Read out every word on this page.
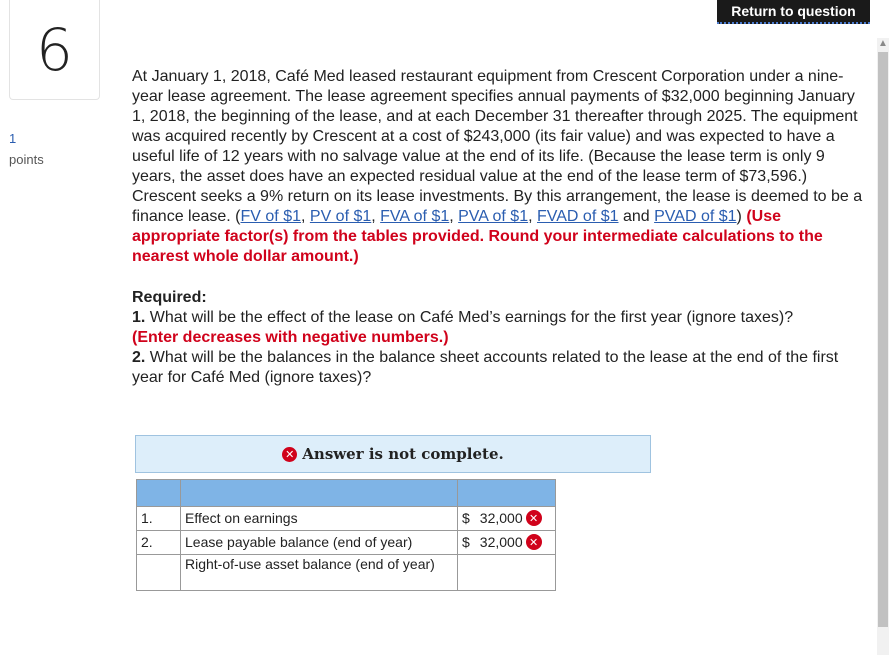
6
1
points
Return to question
▲

At January 1, 2018, Café Med leased restaurant equipment from Crescent Corporation under a nine-year lease agreement. The lease agreement specifies annual payments of $32,000 beginning January 1, 2018, the beginning of the lease, and at each December 31 thereafter through 2025. The equipment was acquired recently by Crescent at a cost of $243,000 (its fair value) and was expected to have a useful life of 12 years with no salvage value at the end of its life. (Because the lease term is only 9 years, the asset does have an expected residual value at the end of the lease term of $73,596.) Crescent seeks a 9% return on its lease investments. By this arrangement, the lease is deemed to be a finance lease. (FV of $1, PV of $1, FVA of $1, PVA of $1, FVAD of $1 and PVAD of $1) (Use appropriate factor(s) from the tables provided. Round your intermediate calculations to the nearest whole dollar amount.)

Required:

1. What will be the effect of the lease on Café Med’s earnings for the first year (ignore taxes)?

(Enter decreases with negative numbers.)

2. What will be the balances in the balance sheet accounts related to the lease at the end of the first year for Café Med (ignore taxes)?

✕ Answer is not complete.

1.	Effect on earnings	$ 32,000 ✕

2.	Lease payable balance (end of year)	$ 32,000 ✕

	Right-of-use asset balance (end of year)	
